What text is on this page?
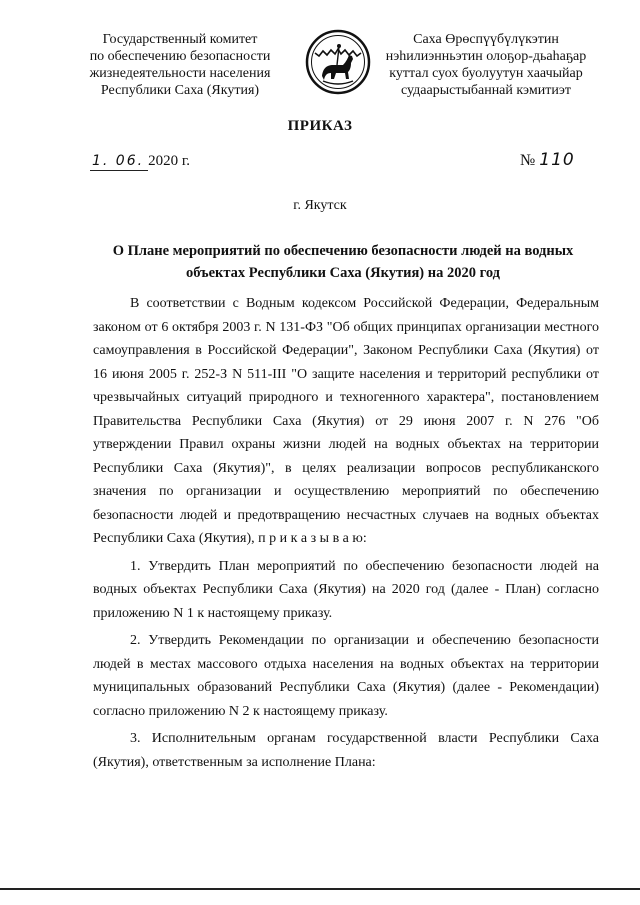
Государственный комитет
по обеспечению безопасности
жизнедеятельности населения
Республики Саха (Якутия)
Саха Өрөспүүбүлүкэтин
нэһилиэнньэтин олоҕор-дьаһаҕар
куттал суох буолуутун хаачыйар
судаарыстыбаннай кэмитиэт
ПРИКАЗ
1. 06. 2020 г.	№ 110
г. Якутск
О Плане мероприятий по обеспечению безопасности людей на водных
объектах Республики Саха (Якутия) на 2020 год

В соответствии с Водным кодексом Российской Федерации, Федеральным законом от 6 октября 2003 г. N 131-ФЗ "Об общих принципах организации местного самоуправления в Российской Федерации", Законом Республики Саха (Якутия) от 16 июня 2005 г. 252-З N 511-III "О защите населения и территорий республики от чрезвычайных ситуаций природного и техногенного характера", постановлением Правительства Республики Саха (Якутия) от 29 июня 2007 г. N 276 "Об утверждении Правил охраны жизни людей на водных объектах на территории Республики Саха (Якутия)", в целях реализации вопросов республиканского значения по организации и осуществлению мероприятий по обеспечению безопасности людей и предотвращению несчастных случаев на водных объектах Республики Саха (Якутия), п р и к а з ы в а ю:

1. Утвердить План мероприятий по обеспечению безопасности людей на водных объектах Республики Саха (Якутия) на 2020 год (далее - План) согласно приложению N 1 к настоящему приказу.

2. Утвердить Рекомендации по организации и обеспечению безопасности людей в местах массового отдыха населения на водных объектах на территории муниципальных образований Республики Саха (Якутия) (далее - Рекомендации) согласно приложению N 2 к настоящему приказу.

3. Исполнительным органам государственной власти Республики Саха (Якутия), ответственным за исполнение Плана:
